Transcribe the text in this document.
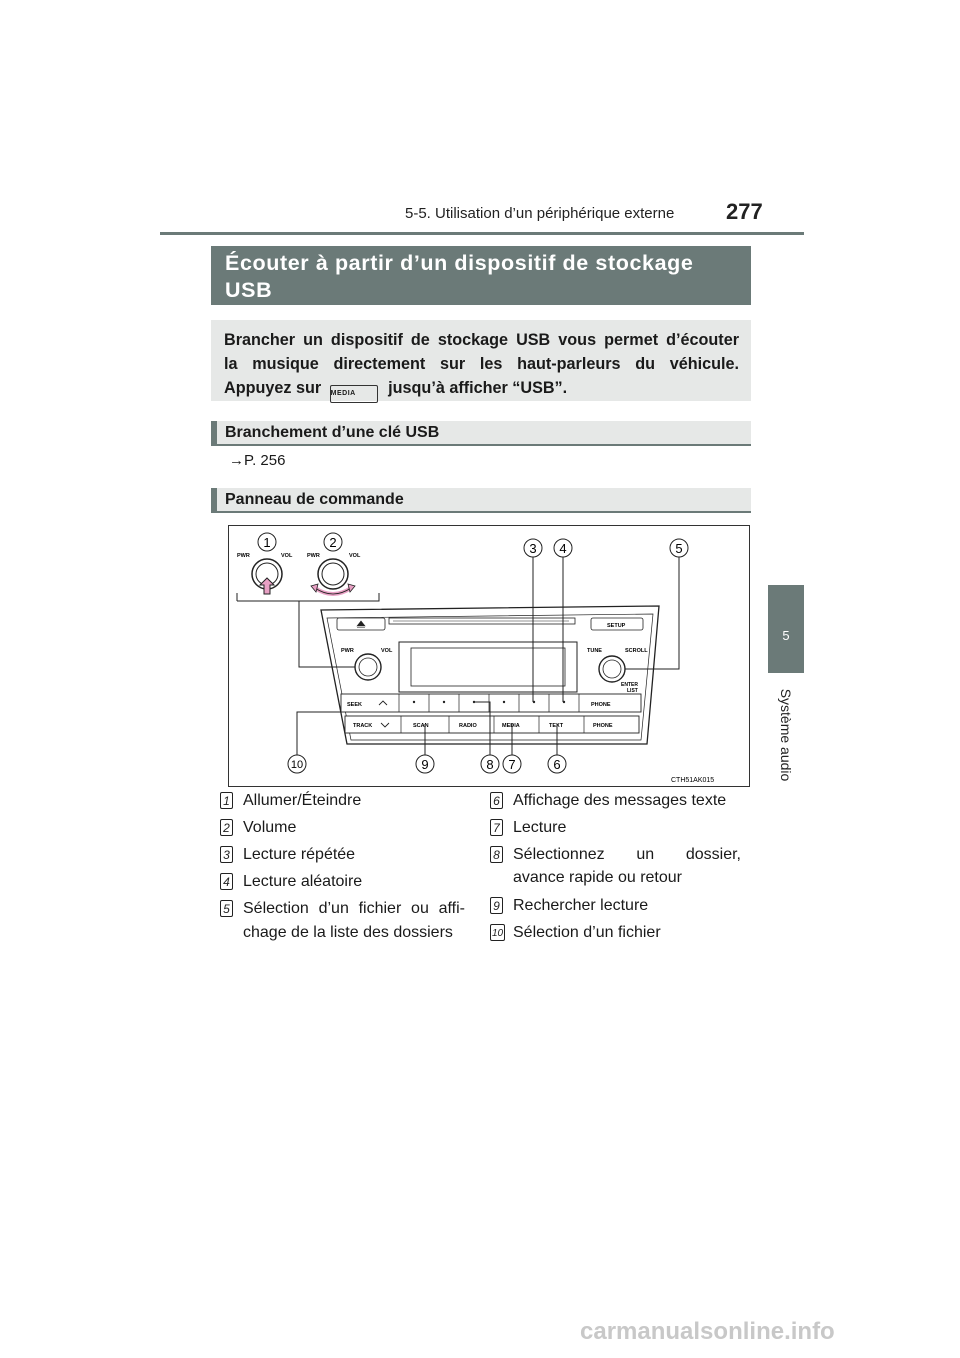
5-5. Utilisation d’un périphérique externe 277
5
Système audio
Écouter à partir d’un dispositif de stockage USB
Brancher un dispositif de stockage USB vous permet d’écouter
la musique directement sur les haut-parleurs du véhicule.
Appuyez sur MEDIA jusqu’à afficher “USB”.
Branchement d’une clé USB
→P. 256
Panneau de commande
PWR	VOL	PWR	VOL
SETUP
PWR	VOL	TUNE	SCROLL
ENTER
LIST
SEEK	PHONE
TRACK	SCAN	RADIO	MEDIA	TEXT	PHONE
1	2	3 4	5
6
7
8
9
10
CTH51AK015
1 Allumer/Éteindre
2 Volume
3 Lecture répétée
4 Lecture aléatoire
5 Sélection d’un fichier ou affi-
chage de la liste des dossiers
6 Affichage des messages texte
7 Lecture
8 Sélectionnez un dossier,
avance rapide ou retour
9 Rechercher lecture
10 Sélection d’un fichier
carmanualsonline.info
